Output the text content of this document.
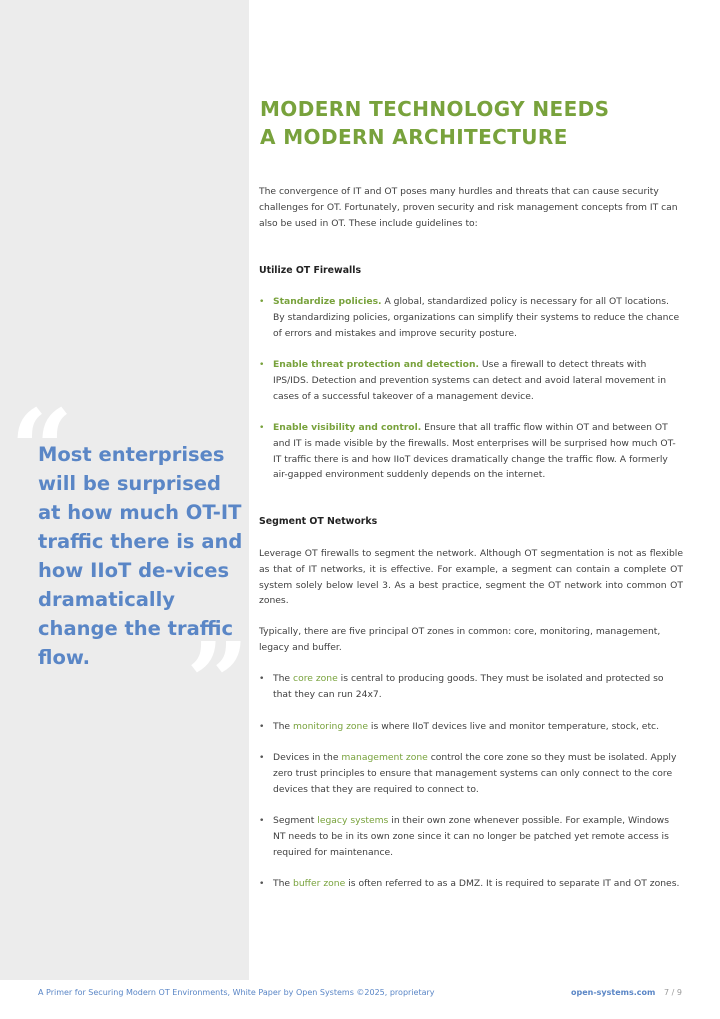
“
Most enterprises will be surprised at how much OT-IT traffic there is and how IIoT de-vices dramatically change the traffic flow. ”
MODERN TECHNOLOGY NEEDS
A MODERN ARCHITECTURE

The convergence of IT and OT poses many hurdles and threats that can cause security challenges for OT. Fortunately, proven security and risk management concepts from IT can also be used in OT. These include guidelines to:

Utilize OT Firewalls

• Standardize policies. A global, standardized policy is necessary for all OT locations. By standardizing policies, organizations can simplify their systems to reduce the chance of errors and mistakes and improve security posture.
• Enable threat protection and detection. Use a firewall to detect threats with IPS/IDS. Detection and prevention systems can detect and avoid lateral movement in cases of a successful takeover of a management device.
• Enable visibility and control. Ensure that all traffic flow within OT and between OT and IT is made visible by the firewalls. Most enterprises will be surprised how much OT-IT traffic there is and how IIoT devices dramatically change the traffic flow. A formerly air-gapped environment suddenly depends on the internet.

Segment OT Networks

Leverage OT firewalls to segment the network. Although OT segmentation is not as flexible as that of IT networks, it is effective. For example, a segment can contain a complete OT system solely below level 3. As a best practice, segment the OT network into common OT zones.

Typically, there are five principal OT zones in common: core, monitoring, management, legacy and buffer.

• The core zone is central to producing goods. They must be isolated and protected so that they can run 24x7.
• The monitoring zone is where IIoT devices live and monitor temperature, stock, etc.
• Devices in the management zone control the core zone so they must be isolated. Apply zero trust principles to ensure that management systems can only connect to the core devices that they are required to connect to.
• Segment legacy systems in their own zone whenever possible. For example, Windows NT needs to be in its own zone since it can no longer be patched yet remote access is required for maintenance.
• The buffer zone is often referred to as a DMZ. It is required to separate IT and OT zones.
A Primer for Securing Modern OT Environments, White Paper by Open Systems ©2025, proprietary	open-systems.com 7 / 9
